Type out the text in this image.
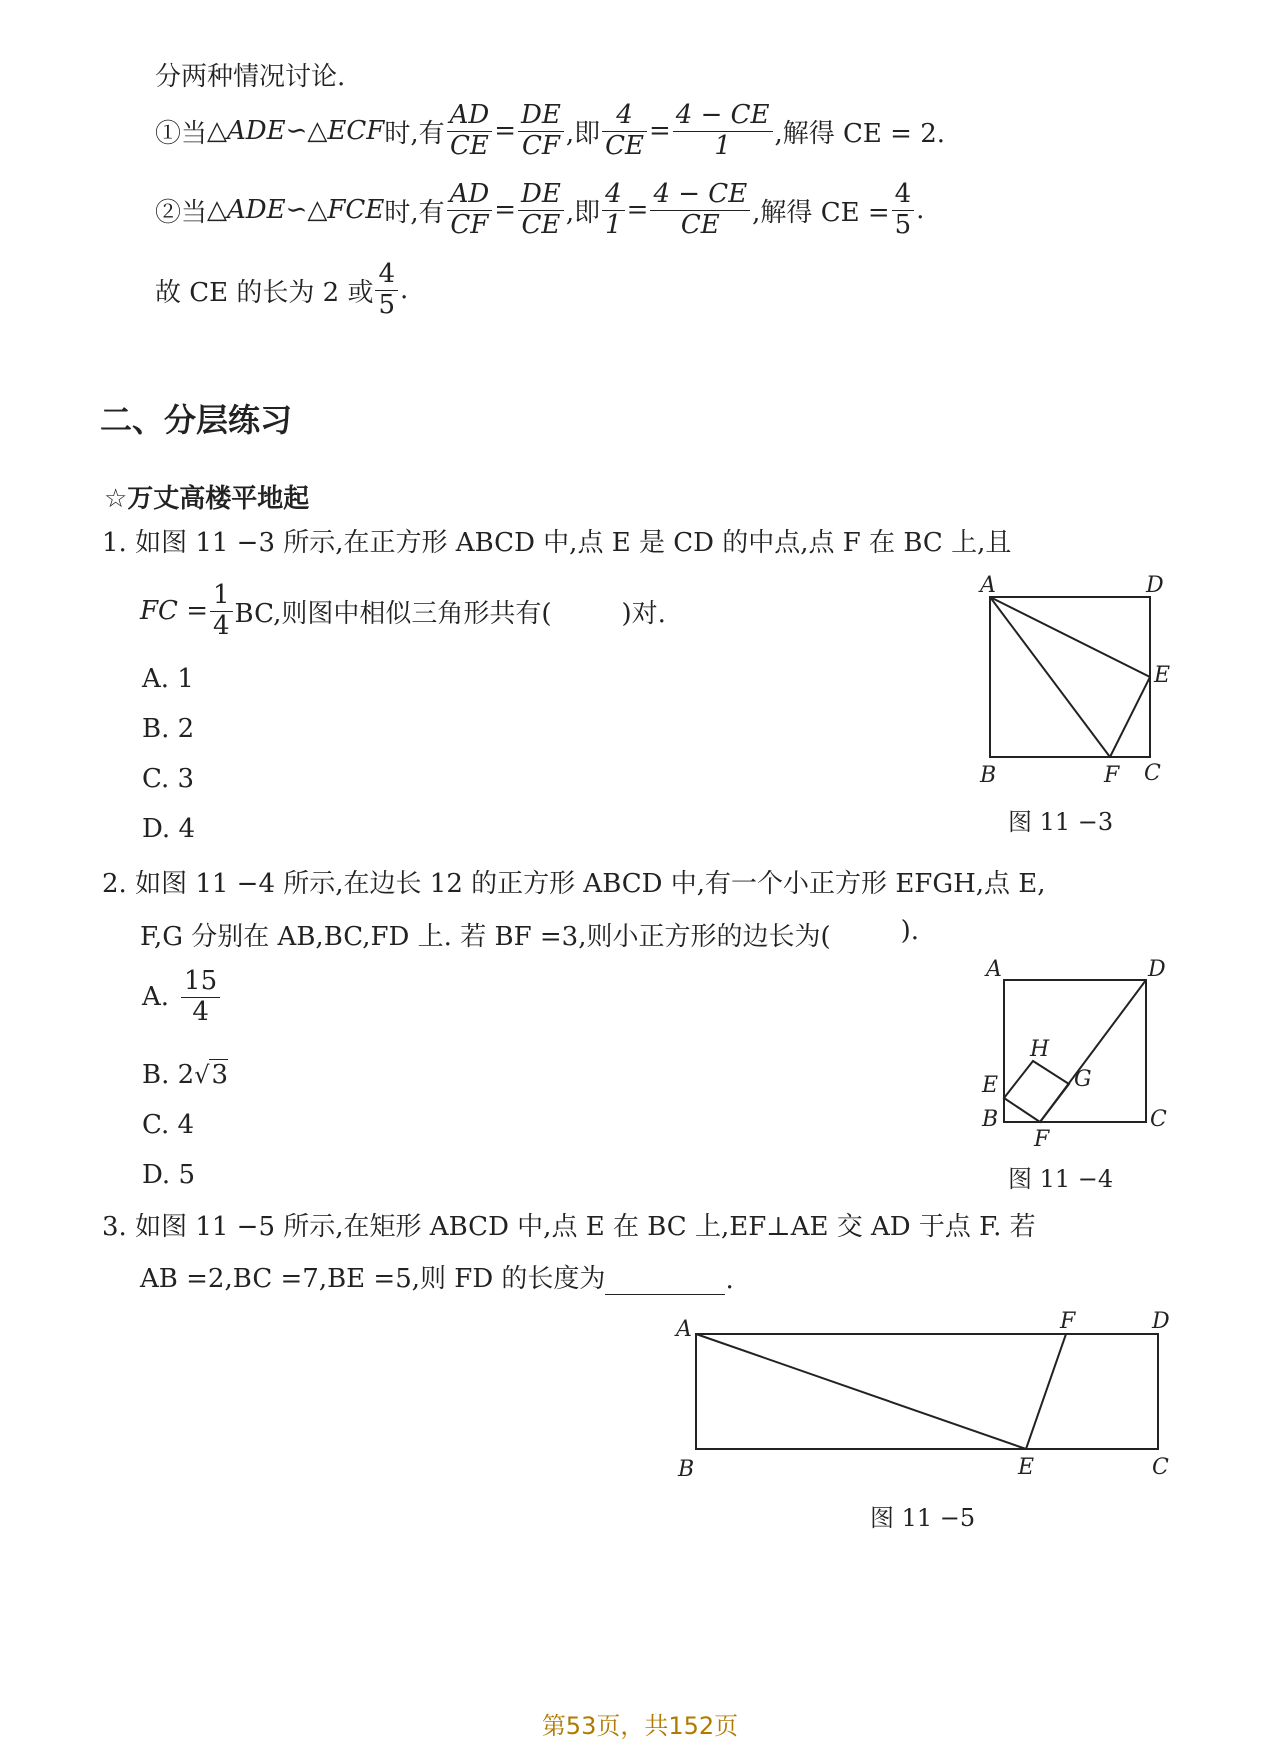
分两种情况讨论.
①当 △ADE∽△ECF 时,有 $\frac{AD}{CE} = \frac{DE}{CF}$ ,即 $\frac{4}{CE} = \frac{4 - CE}{1}$ ,解得 CE = 2.
②当 △ADE∽△FCE 时,有 $\frac{AD}{CF} = \frac{DE}{CE}$ ,即 $\frac{4}{1} = \frac{4 - CE}{CE}$ ,解得 CE = $\frac{4}{5}$ .
故 CE 的长为 2 或 $\frac{4}{5}$ .
二、分层练习
☆万丈高楼平地起
1. 如图 11 −3 所示,在正方形 ABCD 中,点 E 是 CD 的中点,点 F 在 BC 上,且
FC = $\frac{1}{4}$ BC,则图中相似三角形共有(	)对.
A. 1
B. 2
C. 3
D. 4
A	D
E
B	F C
图 11 −3
2. 如图 11 −4 所示,在边长 12 的正方形 ABCD 中,有一个小正方形 EFGH,点 E,
F,G 分别在 AB,BC,FD 上. 若 BF =3,则小正方形的边长为(	).
A. $\frac{15}{4}$
B. 2√3
C. 4
D. 5
A	D
H
G
E
B
F
C
图 11 −4
3. 如图 11 −5 所示,在矩形 ABCD 中,点 E 在 BC 上,EF⊥AE 交 AD 于点 F. 若
AB =2,BC =7,BE =5,则 FD 的长度为	.
A	F	D
B	E	C
图 11 −5
第53页，共152页
